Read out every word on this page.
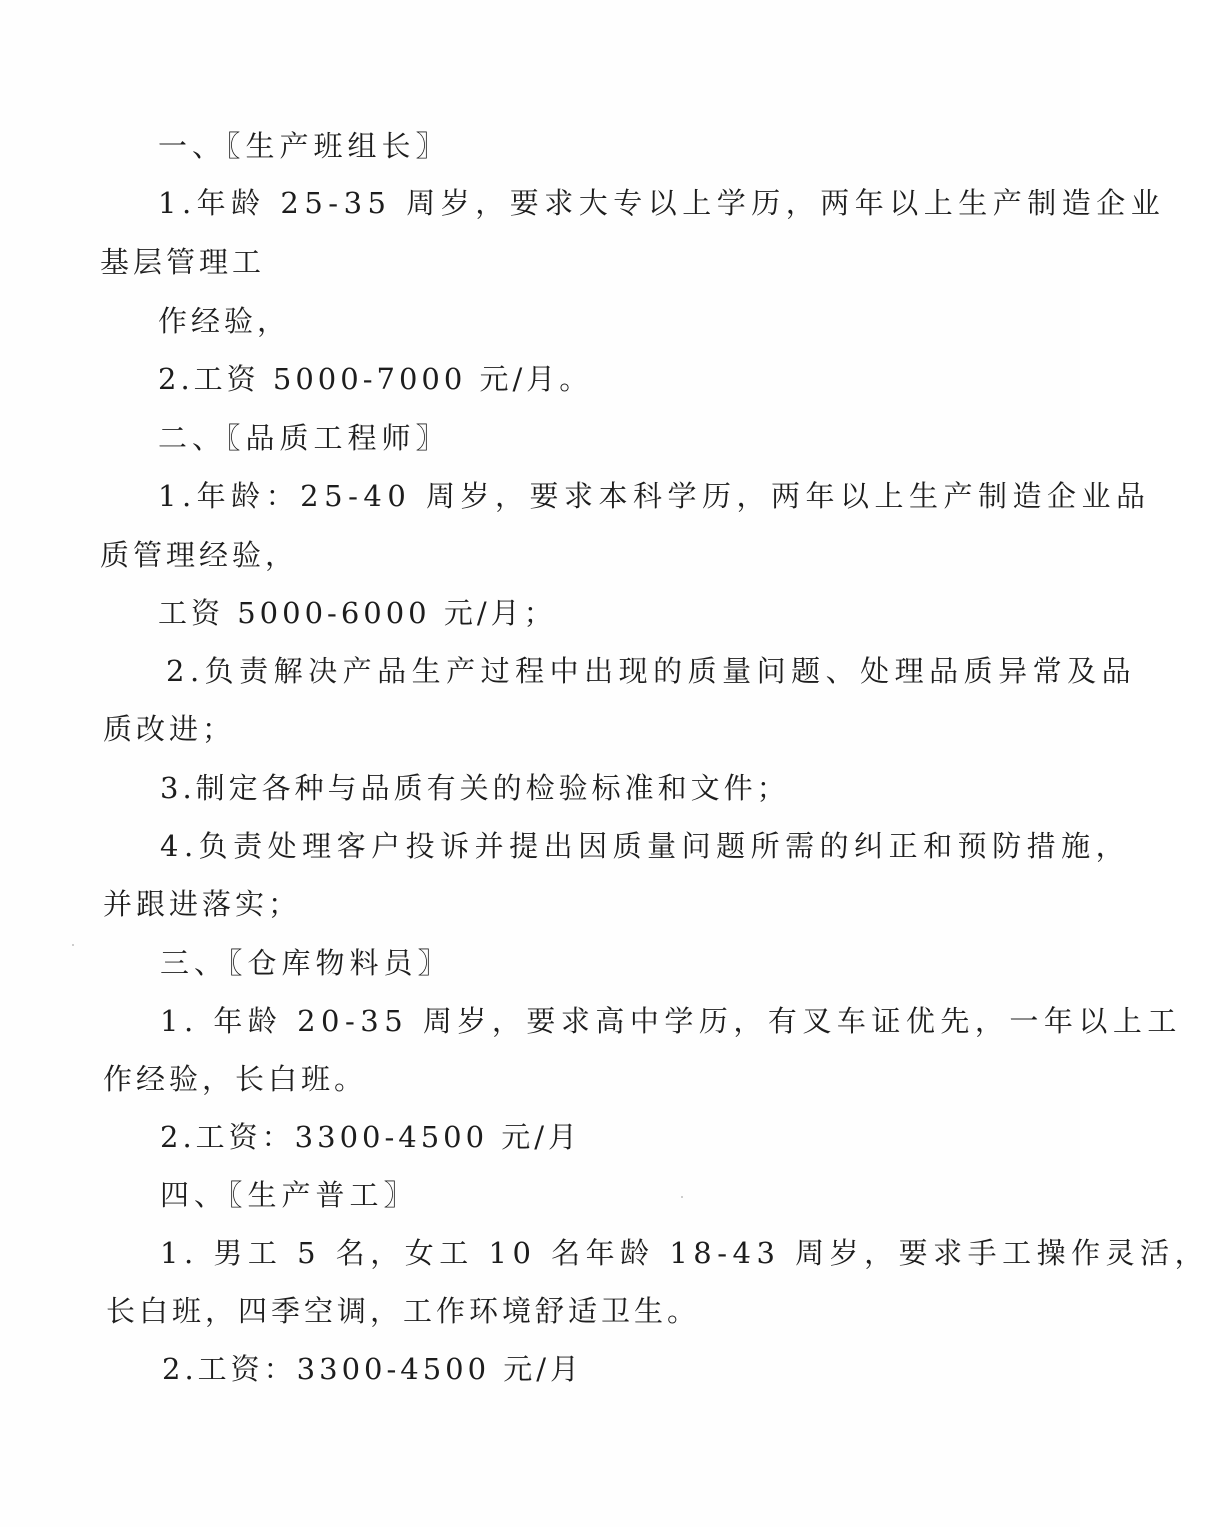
一、〖生产班组长〗
1.年龄 25-35 周岁，要求大专以上学历，两年以上生产制造企业
基层管理工
作经验，
2.工资 5000-7000 元/月。
二、〖品质工程师〗
1.年龄：25-40 周岁，要求本科学历，两年以上生产制造企业品
质管理经验，
工资 5000-6000 元/月；
2.负责解决产品生产过程中出现的质量问题、处理品质异常及品
质改进；
3.制定各种与品质有关的检验标准和文件；
4.负责处理客户投诉并提出因质量问题所需的纠正和预防措施，
并跟进落实；
三、〖仓库物料员〗
1. 年龄 20-35 周岁，要求高中学历，有叉车证优先，一年以上工
作经验，长白班。
2.工资：3300-4500 元/月
四、〖生产普工〗
1. 男工 5 名，女工 10 名年龄 18-43 周岁，要求手工操作灵活，
长白班，四季空调，工作环境舒适卫生。
2.工资：3300-4500 元/月
